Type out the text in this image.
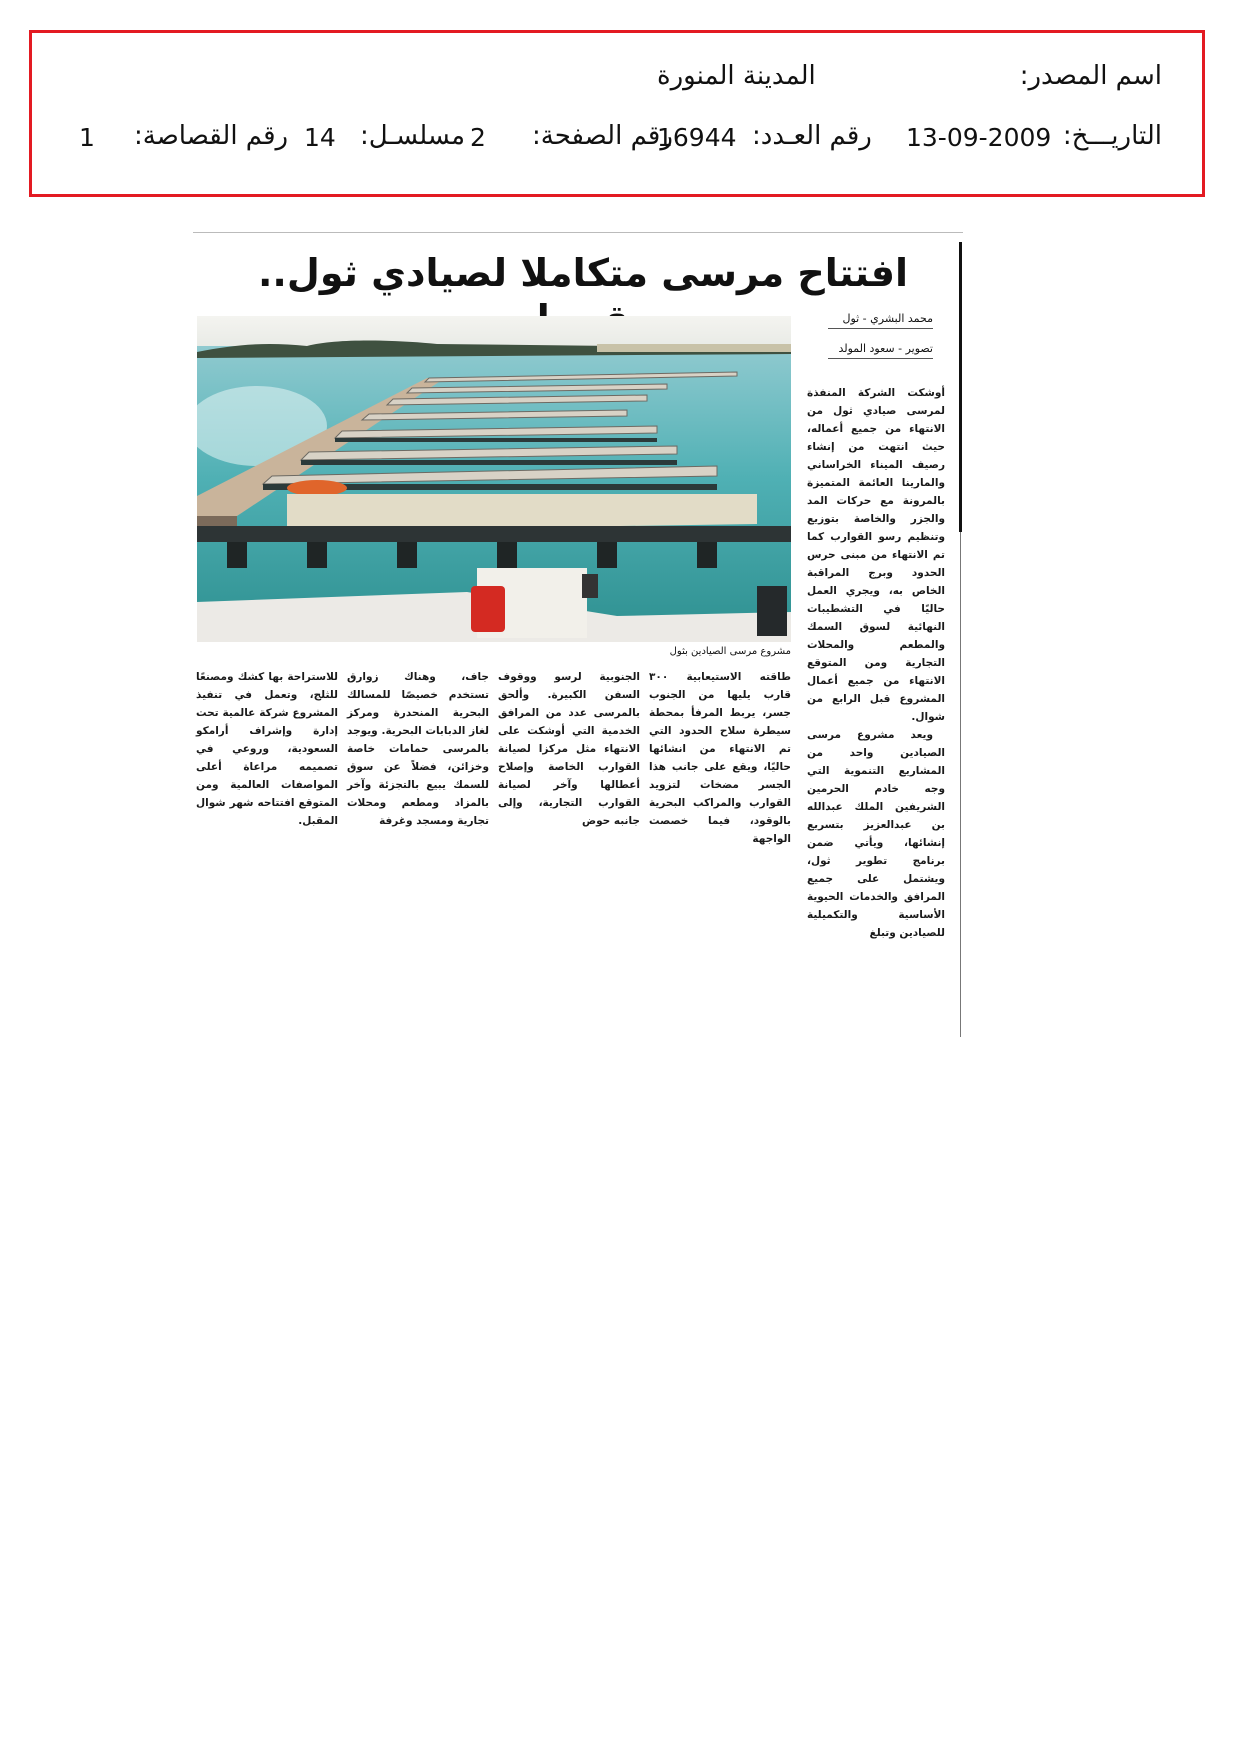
اسم المصدر:
المدينة المنورة
التاريـــخ:
13-09-2009
رقم العـدد:
16944
رقم الصفحة:
2
مسلسـل:
14
رقم القصاصة:
1
افتتاح مرسى متكاملا لصيادي ثول..
محمد البشري - ثول
تصوير - سعود المولد
مشروع مرسى الصيادين بثول
أوشكت الشركة المنفذة لمرسى صيادي ثول من الانتهاء من جميع أعماله، حيث انتهت من إنشاء رصيف الميناء الخراساني والمارينا العائمة المتميزة بالمرونة مع حركات المد والجزر والخاصة بتوزيع وتنظيم رسو القوارب كما تم الانتهاء من مبنى حرس الحدود وبرج المراقبة الخاص به، ويجري العمل حاليًا في التشطيبات النهائية لسوق السمك والمطعم والمحلات التجارية ومن المتوقع الانتهاء من جميع أعمال المشروع قبل الرابع من شوال.
ويعد مشروع مرسى الصيادين واحد من المشاريع التنموية التي وجه خادم الحرمين الشريفين الملك عبدالله بن عبدالعزيز بتسريع إنشائها، ويأتي ضمن برنامج تطوير ثول، ويشتمل على جميع المرافق والخدمات الحيوية الأساسية والتكميلية للصيادين وتبلغ
طاقته الاستيعابية ٣٠٠ قارب يليها من الجنوب جسر، يربط المرفأ بمحطة سيطرة سلاح الحدود التي تم الانتهاء من انشائها حاليًا، ويقع على جانب هذا الجسر مضخات لتزويد القوارب والمراكب البحرية بالوقود، فيما خصصت الواجهة
الجنوبية لرسو ووقوف السفن الكبيرة. وألحق بالمرسى عدد من المرافق الخدمية التي أوشكت على الانتهاء مثل مركزا لصيانة القوارب الخاصة وإصلاح أعطالها وآخر لصيانة القوارب التجارية، وإلى جانبه حوض
جاف، وهناك زوارق تستخدم خصيصًا للمسالك البحرية المنحدرة ومركز لغاز الدبابات البحرية. ويوجد بالمرسى حمامات خاصة وخزائن، فضلاً عن سوق للسمك يبيع بالتجزئة وآخر بالمزاد ومطعم ومحلات تجارية ومسجد وغرفة
للاستراحة بها كشك ومصنعًا للثلج، وتعمل في تنفيذ المشروع شركة عالمية تحت إدارة وإشراف أرامكو السعودية، وروعي في تصميمه مراعاة أعلى المواصفات العالمية ومن المتوقع افتتاحه شهر شوال المقبل.
